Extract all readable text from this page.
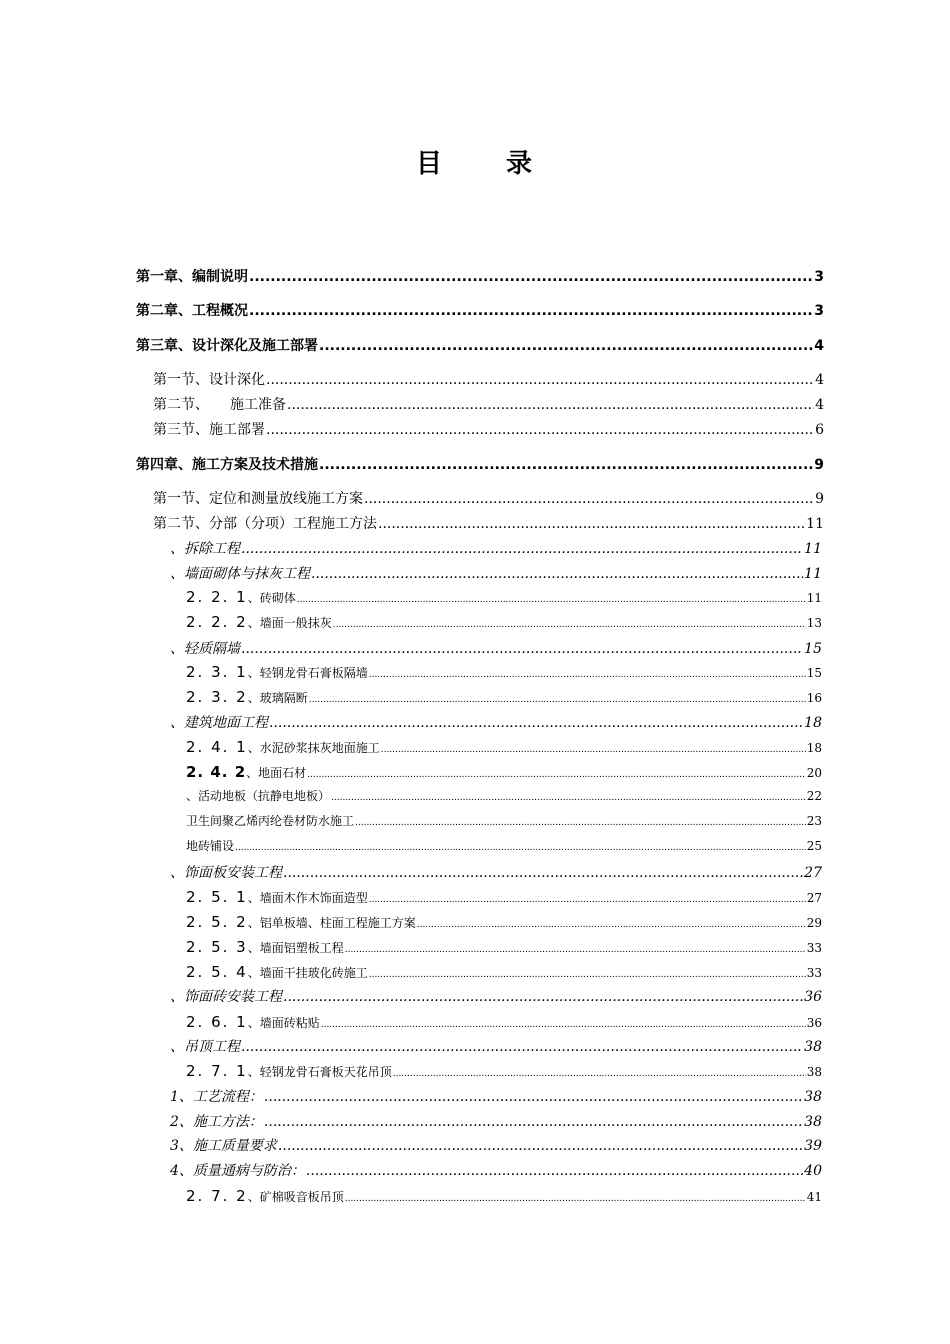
目 录
第一章、编制说明 .....	3
第二章、工程概况 .....	3
第三章、设计深化及施工部署 .....	4
第一节、设计深化 .....	4
第二节、　　施工准备 .....	4
第三节、施工部署 .....	6
第四章、施工方案及技术措施 .....	9
第一节、定位和测量放线施工方案 .....	9
第二节、分部（分项）工程施工方法 .....	11
、拆除工程 .....	11
、墙面砌体与抹灰工程 .....	11
2. 2. 1、砖砌体 .....	11
2. 2. 2、墙面一般抹灰 .....	13
、轻质隔墙 .....	15
2. 3. 1、轻钢龙骨石膏板隔墙 .....	15
2. 3. 2、玻璃隔断 .....	16
、建筑地面工程 .....	18
2. 4. 1、水泥砂浆抹灰地面施工 .....	18
2. 4. 2、地面石材 .....	20
、活动地板（抗静电地板） .....	22
卫生间聚乙烯丙纶卷材防水施工 .....	23
地砖铺设 .....	25
、饰面板安装工程 .....	27
2. 5. 1、墙面木作木饰面造型 .....	27
2. 5. 2、铝单板墙、柱面工程施工方案 .....	29
2. 5. 3、墙面铝塑板工程 .....	33
2. 5. 4、墙面干挂玻化砖施工 .....	33
、饰面砖安装工程 .....	36
2. 6. 1、墙面砖粘贴 .....	36
、吊顶工程 .....	38
2. 7. 1、轻钢龙骨石膏板天花吊顶 .....	38
1、工艺流程： .....	38
2、施工方法： .....	38
3、施工质量要求 .....	39
4、质量通病与防治： .....	40
2. 7. 2、矿棉吸音板吊顶 .....	41
